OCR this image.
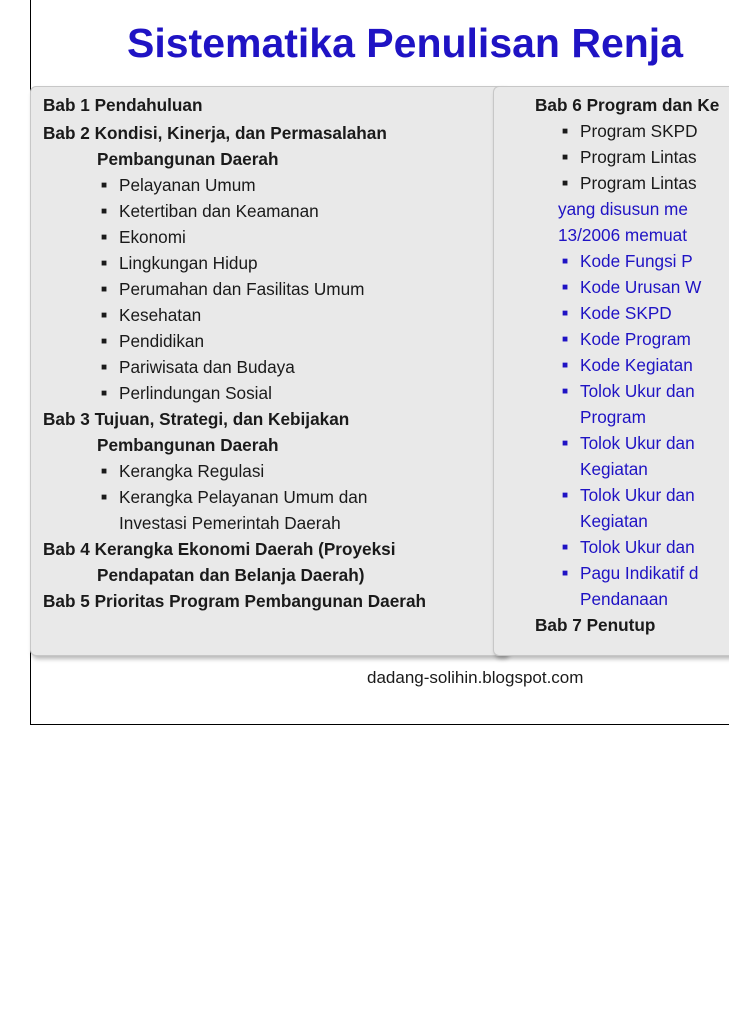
Sistematika Penulisan Renja
Bab 1 Pendahuluan
Bab 2 Kondisi, Kinerja, dan Permasalahan
Pembangunan Daerah
■ Pelayanan Umum
■ Ketertiban dan Keamanan
■ Ekonomi
■ Lingkungan Hidup
■ Perumahan dan Fasilitas Umum
■ Kesehatan
■ Pendidikan
■ Pariwisata dan Budaya
■ Perlindungan Sosial
Bab 3 Tujuan, Strategi, dan Kebijakan
Pembangunan Daerah
■ Kerangka Regulasi
■ Kerangka Pelayanan Umum dan
Investasi Pemerintah Daerah
Bab 4 Kerangka Ekonomi Daerah (Proyeksi
Pendapatan dan Belanja Daerah)
Bab 5 Prioritas Program Pembangunan Daerah
Bab 6 Program dan Ke
■ Program SKPD
■ Program Lintas
■ Program Lintas
yang disusun me
13/2006 memuat
■ Kode Fungsi P
■ Kode Urusan W
■ Kode SKPD
■ Kode Program
■ Kode Kegiatan
■ Tolok Ukur dan
Program
■ Tolok Ukur dan
Kegiatan
■ Tolok Ukur dan
Kegiatan
■ Tolok Ukur dan
■ Pagu Indikatif d
Pendanaan
Bab 7 Penutup
dadang-solihin.blogspot.com
